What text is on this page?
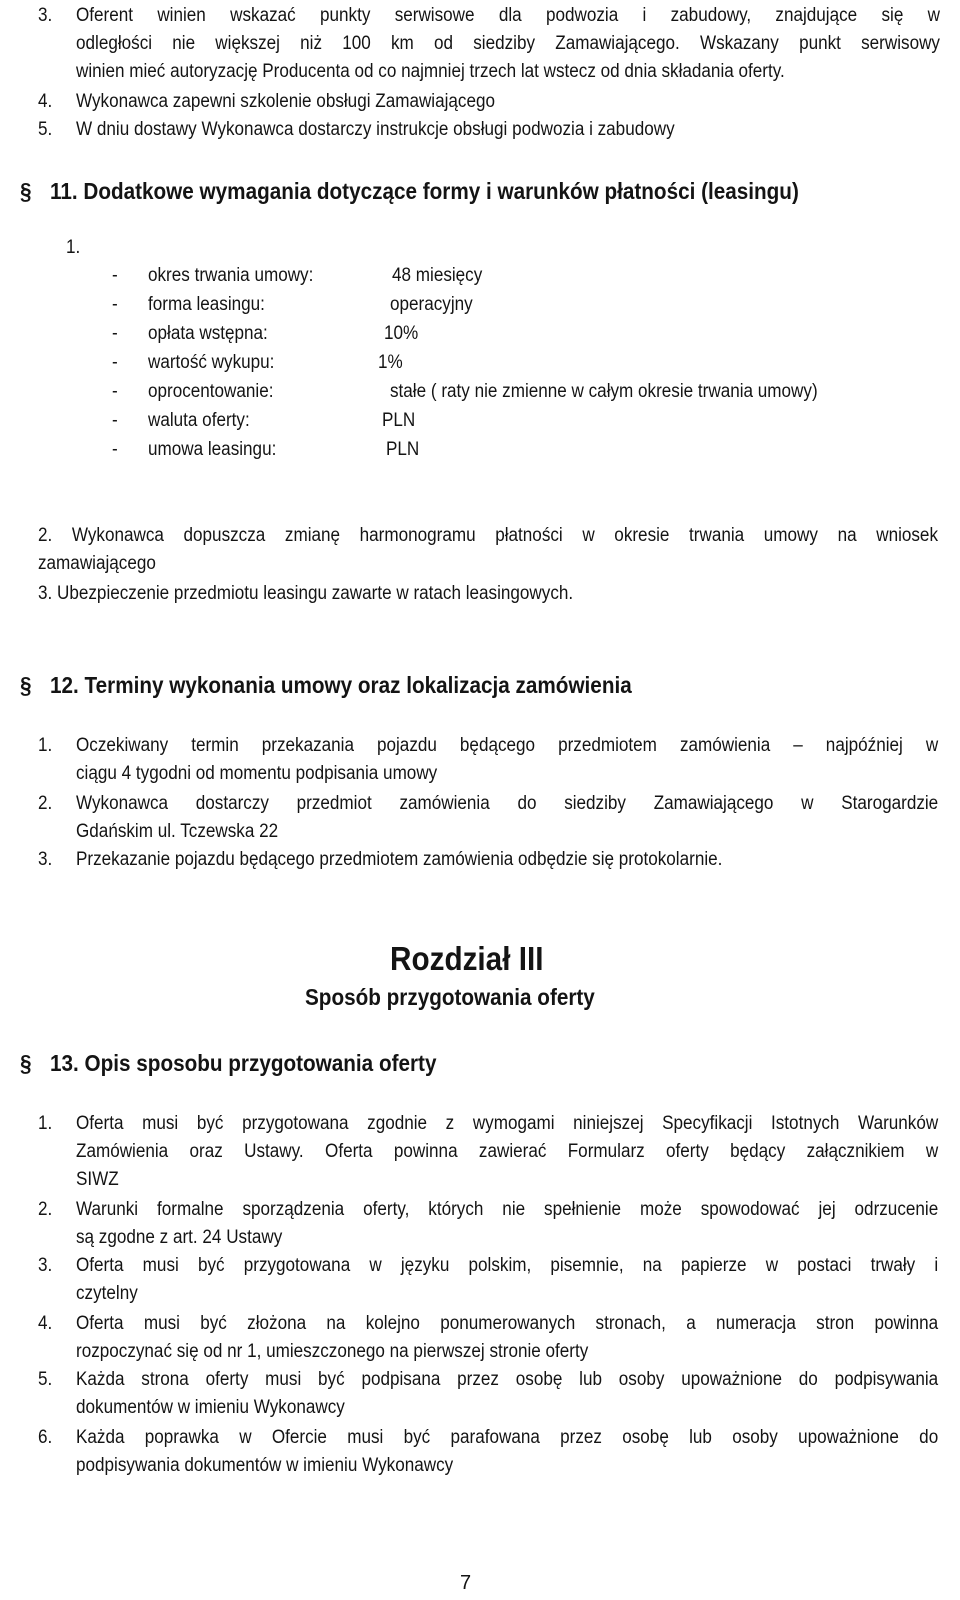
3. Oferent winien wskazać punkty serwisowe dla podwozia i zabudowy, znajdujące się w
odległości nie większej niż 100 km od siedziby Zamawiającego. Wskazany punkt serwisowy
winien mieć autoryzację Producenta od co najmniej trzech lat wstecz od dnia składania oferty.
4. Wykonawca zapewni szkolenie obsługi Zamawiającego
5. W dniu dostawy Wykonawca dostarczy instrukcje obsługi podwozia i zabudowy
§ 11. Dodatkowe wymagania dotyczące formy i warunków płatności (leasingu)
1.
- okres trwania umowy:	48 miesięcy
- forma leasingu:	operacyjny
- opłata wstępna:	10%
- wartość wykupu:	1%
- oprocentowanie:	stałe ( raty nie zmienne w całym okresie trwania umowy)
- waluta oferty:	PLN
- umowa leasingu:	PLN
2. Wykonawca dopuszcza zmianę harmonogramu płatności w okresie trwania umowy na wniosek
zamawiającego
3. Ubezpieczenie przedmiotu leasingu zawarte w ratach leasingowych.
§ 12. Terminy wykonania umowy oraz lokalizacja zamówienia
1. Oczekiwany termin przekazania pojazdu będącego przedmiotem zamówienia – najpóźniej w
ciągu 4 tygodni od momentu podpisania umowy
2. Wykonawca dostarczy przedmiot zamówienia do siedziby Zamawiającego w Starogardzie
Gdańskim ul. Tczewska 22
3. Przekazanie pojazdu będącego przedmiotem zamówienia odbędzie się protokolarnie.
Rozdział III
Sposób przygotowania oferty
§ 13. Opis sposobu przygotowania oferty
1. Oferta musi być przygotowana zgodnie z wymogami niniejszej Specyfikacji Istotnych Warunków
Zamówienia oraz Ustawy. Oferta powinna zawierać Formularz oferty będący załącznikiem w
SIWZ
2. Warunki formalne sporządzenia oferty, których nie spełnienie może spowodować jej odrzucenie
są zgodne z art. 24 Ustawy
3. Oferta musi być przygotowana w języku polskim, pisemnie, na papierze w postaci trwały i
czytelny
4. Oferta musi być złożona na kolejno ponumerowanych stronach, a numeracja stron powinna
rozpoczynać się od nr 1, umieszczonego na pierwszej stronie oferty
5. Każda strona oferty musi być podpisana przez osobę lub osoby upoważnione do podpisywania
dokumentów w imieniu Wykonawcy
6. Każda poprawka w Ofercie musi być parafowana przez osobę lub osoby upoważnione do
podpisywania dokumentów w imieniu Wykonawcy
7
